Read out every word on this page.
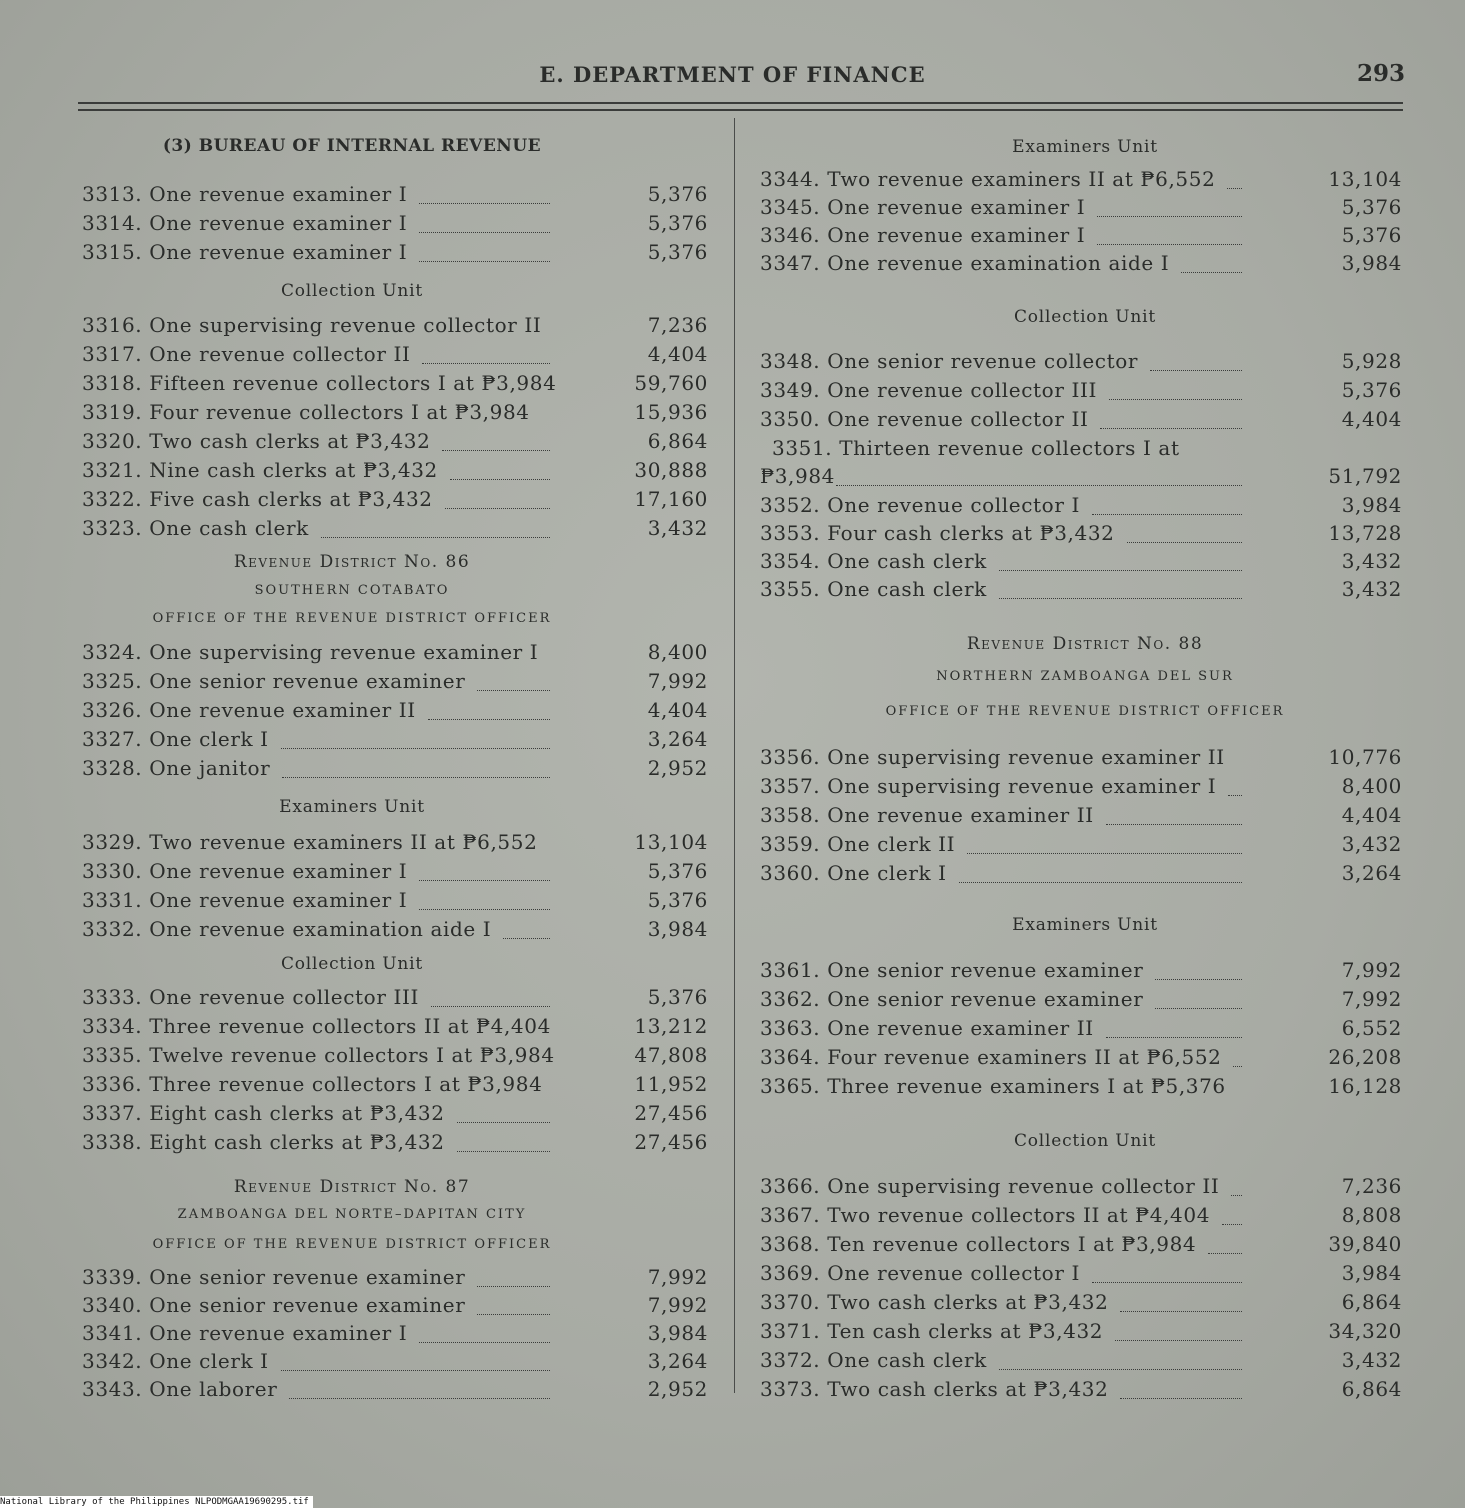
E. DEPARTMENT OF FINANCE	293
(3) BUREAU OF INTERNAL REVENUE
3313. One revenue examiner I	5,376
3314. One revenue examiner I	5,376
3315. One revenue examiner I	5,376
Collection Unit
3316. One supervising revenue collector II	7,236
3317. One revenue collector II	4,404
3318. Fifteen revenue collectors I at ₱3,984	59,760
3319. Four revenue collectors I at ₱3,984	15,936
3320. Two cash clerks at ₱3,432	6,864
3321. Nine cash clerks at ₱3,432	30,888
3322. Five cash clerks at ₱3,432	17,160
3323. One cash clerk	3,432
Revenue District No. 86
SOUTHERN COTABATO
OFFICE OF THE REVENUE DISTRICT OFFICER
3324. One supervising revenue examiner I	8,400
3325. One senior revenue examiner	7,992
3326. One revenue examiner II	4,404
3327. One clerk I	3,264
3328. One janitor	2,952
Examiners Unit
3329. Two revenue examiners II at ₱6,552	13,104
3330. One revenue examiner I	5,376
3331. One revenue examiner I	5,376
3332. One revenue examination aide I	3,984
Collection Unit
3333. One revenue collector III	5,376
3334. Three revenue collectors II at ₱4,404	13,212
3335. Twelve revenue collectors I at ₱3,984	47,808
3336. Three revenue collectors I at ₱3,984	11,952
3337. Eight cash clerks at ₱3,432	27,456
3338. Eight cash clerks at ₱3,432	27,456
Revenue District No. 87
ZAMBOANGA DEL NORTE–DAPITAN CITY
OFFICE OF THE REVENUE DISTRICT OFFICER
3339. One senior revenue examiner	7,992
3340. One senior revenue examiner	7,992
3341. One revenue examiner I	3,984
3342. One clerk I	3,264
3343. One laborer	2,952
Examiners Unit
3344. Two revenue examiners II at ₱6,552	13,104
3345. One revenue examiner I	5,376
3346. One revenue examiner I	5,376
3347. One revenue examination aide I	3,984
Collection Unit
3348. One senior revenue collector	5,928
3349. One revenue collector III	5,376
3350. One revenue collector II	4,404
3351. Thirteen revenue collectors I at
₱3,984	51,792
3352. One revenue collector I	3,984
3353. Four cash clerks at ₱3,432	13,728
3354. One cash clerk	3,432
3355. One cash clerk	3,432
Revenue District No. 88
NORTHERN ZAMBOANGA DEL SUR
OFFICE OF THE REVENUE DISTRICT OFFICER
3356. One supervising revenue examiner II	10,776
3357. One supervising revenue examiner I	8,400
3358. One revenue examiner II	4,404
3359. One clerk II	3,432
3360. One clerk I	3,264
Examiners Unit
3361. One senior revenue examiner	7,992
3362. One senior revenue examiner	7,992
3363. One revenue examiner II	6,552
3364. Four revenue examiners II at ₱6,552	26,208
3365. Three revenue examiners I at ₱5,376	16,128
Collection Unit
3366. One supervising revenue collector II	7,236
3367. Two revenue collectors II at ₱4,404	8,808
3368. Ten revenue collectors I at ₱3,984	39,840
3369. One revenue collector I	3,984
3370. Two cash clerks at ₱3,432	6,864
3371. Ten cash clerks at ₱3,432	34,320
3372. One cash clerk	3,432
3373. Two cash clerks at ₱3,432	6,864
National Library of the Philippines NLPODMGAA19690295.tif
